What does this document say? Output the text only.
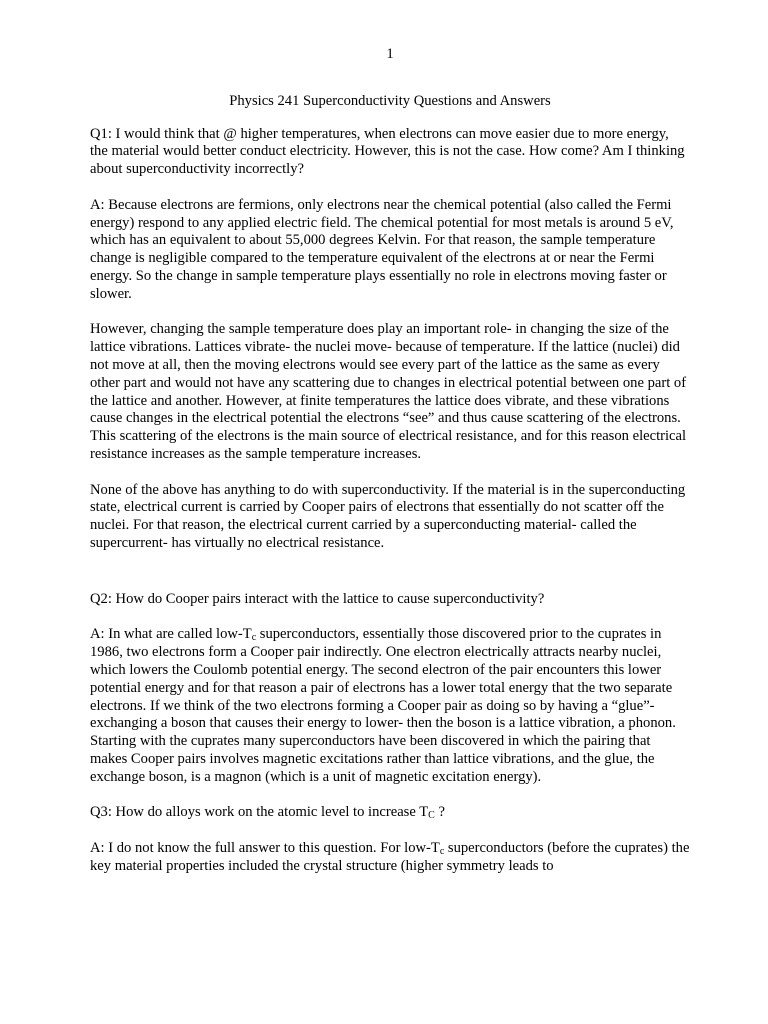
1
Physics 241 Superconductivity Questions and Answers

Q1: I would think that @ higher temperatures, when electrons can move easier due to more energy, the material would better conduct electricity. However, this is not the case. How come? Am I thinking about superconductivity incorrectly?

A: Because electrons are fermions, only electrons near the chemical potential (also called the Fermi energy) respond to any applied electric field. The chemical potential for most metals is around 5 eV, which has an equivalent to about 55,000 degrees Kelvin. For that reason, the sample temperature change is negligible compared to the temperature equivalent of the electrons at or near the Fermi energy. So the change in sample temperature plays essentially no role in electrons moving faster or slower.

However, changing the sample temperature does play an important role- in changing the size of the lattice vibrations. Lattices vibrate- the nuclei move- because of temperature. If the lattice (nuclei) did not move at all, then the moving electrons would see every part of the lattice as the same as every other part and would not have any scattering due to changes in electrical potential between one part of the lattice and another. However, at finite temperatures the lattice does vibrate, and these vibrations cause changes in the electrical potential the electrons “see” and thus cause scattering of the electrons. This scattering of the electrons is the main source of electrical resistance, and for this reason electrical resistance increases as the sample temperature increases.

None of the above has anything to do with superconductivity. If the material is in the superconducting state, electrical current is carried by Cooper pairs of electrons that essentially do not scatter off the nuclei. For that reason, the electrical current carried by a superconducting material- called the supercurrent- has virtually no electrical resistance.

Q2: How do Cooper pairs interact with the lattice to cause superconductivity?

A: In what are called low-$T_c$ superconductors, essentially those discovered prior to the cuprates in 1986, two electrons form a Cooper pair indirectly. One electron electrically attracts nearby nuclei, which lowers the Coulomb potential energy. The second electron of the pair encounters this lower potential energy and for that reason a pair of electrons has a lower total energy that the two separate electrons. If we think of the two electrons forming a Cooper pair as doing so by having a “glue”- exchanging a boson that causes their energy to lower- then the boson is a lattice vibration, a phonon. Starting with the cuprates many superconductors have been discovered in which the pairing that makes Cooper pairs involves magnetic excitations rather than lattice vibrations, and the glue, the exchange boson, is a magnon (which is a unit of magnetic excitation energy).

Q3: How do alloys work on the atomic level to increase $T_C$ ?

A: I do not know the full answer to this question. For low-$T_c$ superconductors (before the cuprates) the key material properties included the crystal structure (higher symmetry leads to
